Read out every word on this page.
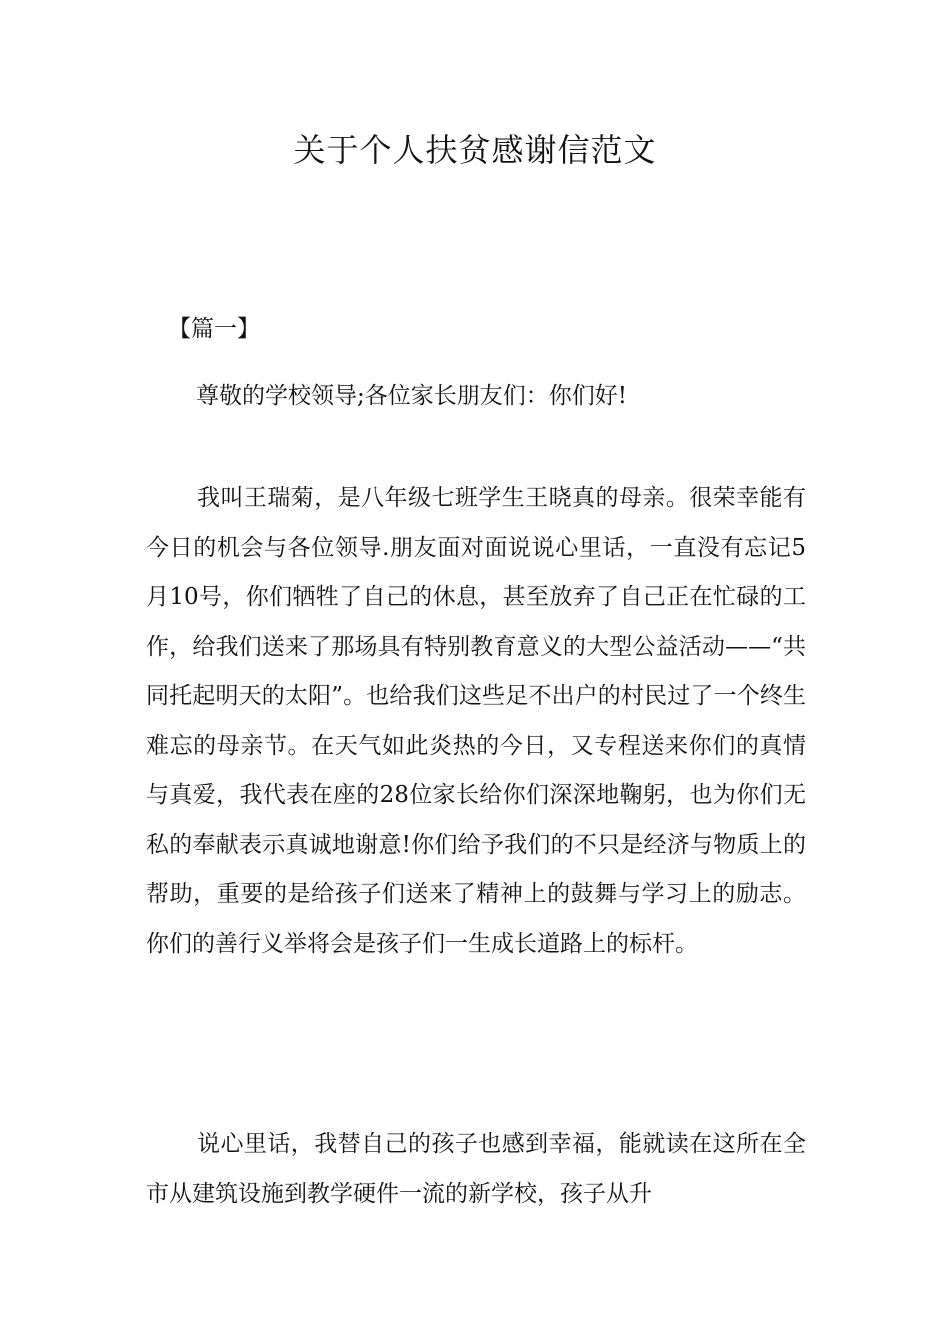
关于个人扶贫感谢信范文
【篇一】
尊敬的学校领导;各位家长朋友们：你们好!
我叫王瑞菊，是八年级七班学生王晓真的母亲。很荣幸能有今日的机会与各位领导.朋友面对面说说心里话，一直没有忘记5月10号，你们牺牲了自己的休息，甚至放弃了自己正在忙碌的工作，给我们送来了那场具有特别教育意义的大型公益活动——“共同托起明天的太阳”。也给我们这些足不出户的村民过了一个终生难忘的母亲节。在天气如此炎热的今日，又专程送来你们的真情与真爱，我代表在座的28位家长给你们深深地鞠躬，也为你们无私的奉献表示真诚地谢意!你们给予我们的不只是经济与物质上的帮助，重要的是给孩子们送来了精神上的鼓舞与学习上的励志。你们的善行义举将会是孩子们一生成长道路上的标杆。
说心里话，我替自己的孩子也感到幸福，能就读在这所在全市从建筑设施到教学硬件一流的新学校，孩子从升
